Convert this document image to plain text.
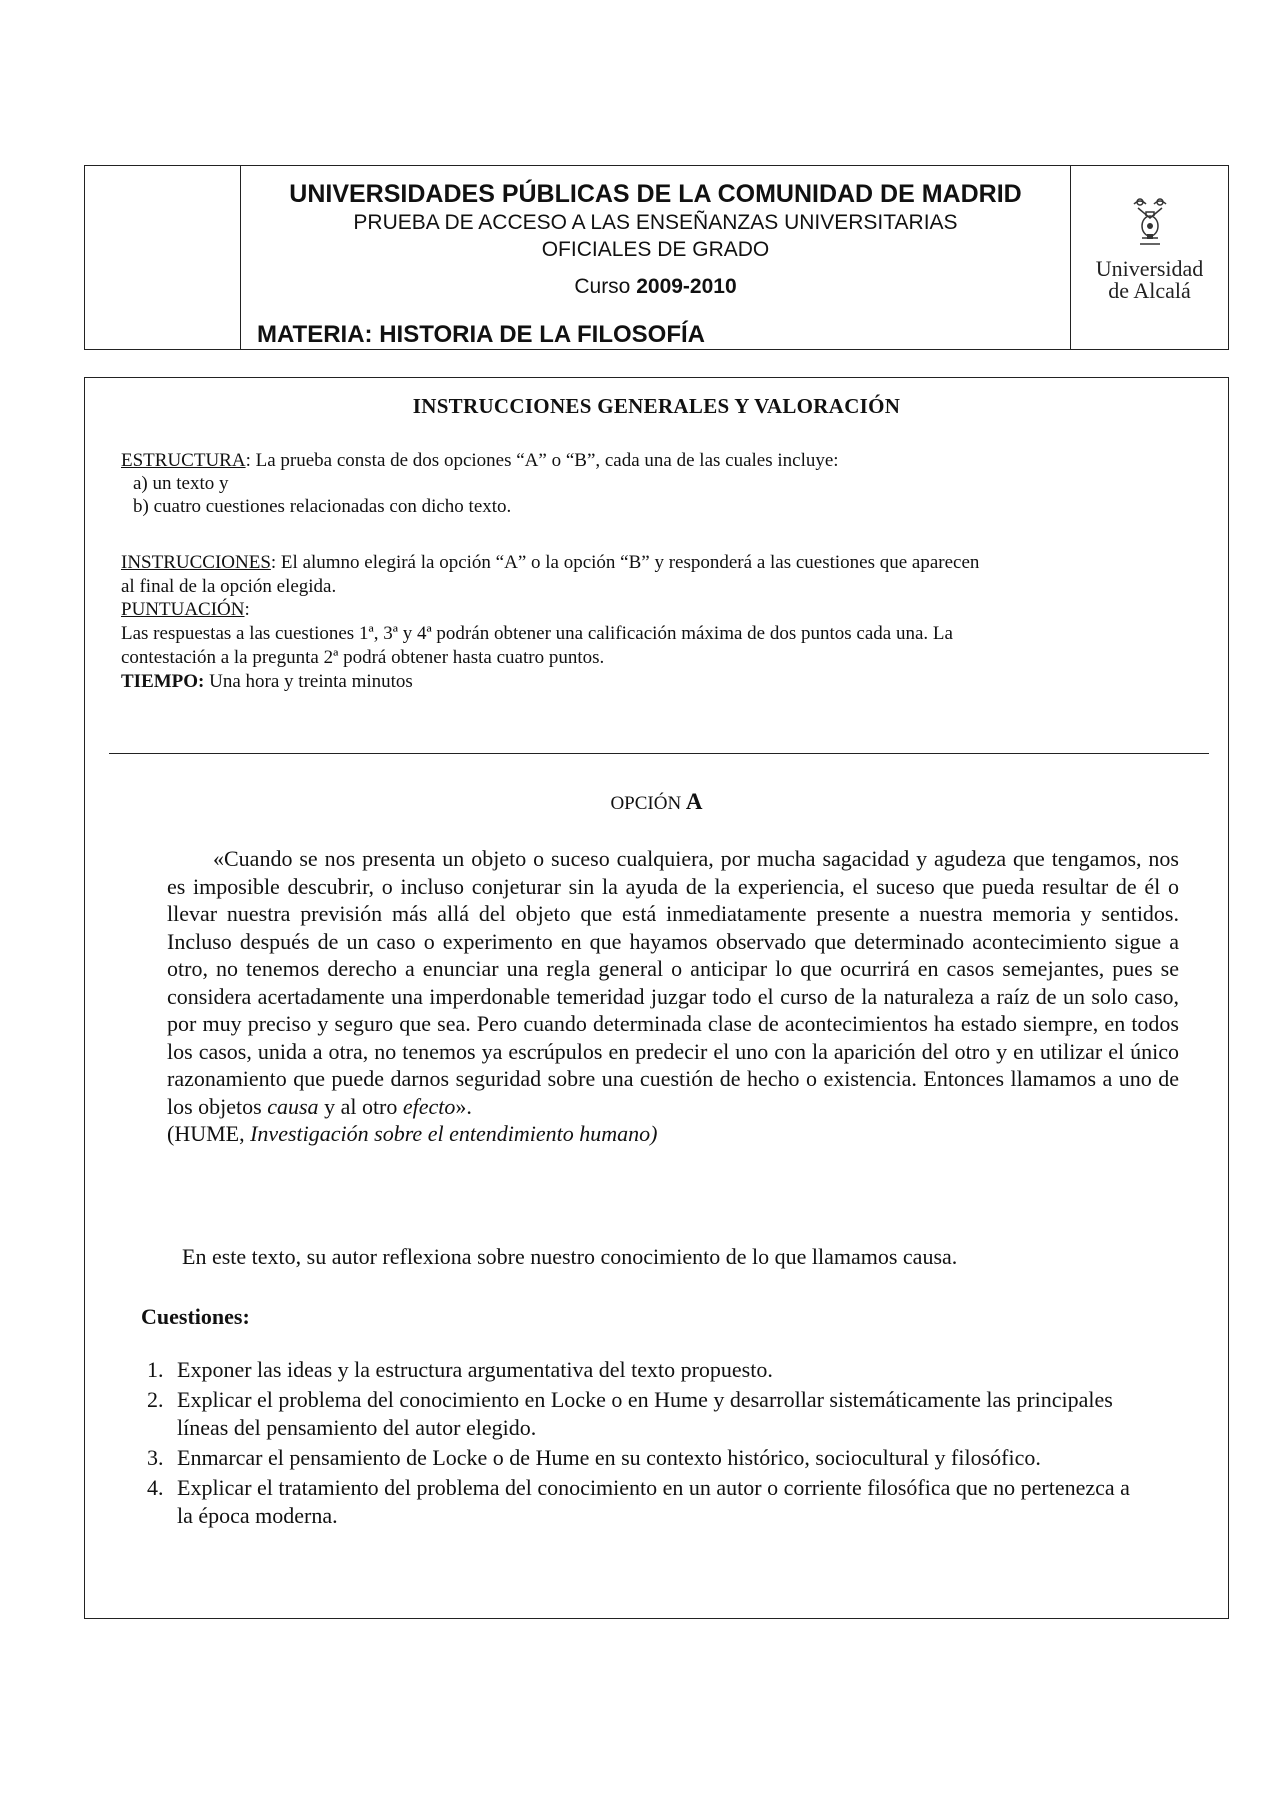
UNIVERSIDADES PÚBLICAS DE LA COMUNIDAD DE MADRID
PRUEBA DE ACCESO A LAS ENSEÑANZAS UNIVERSITARIAS
OFICIALES DE GRADO
Curso 2009-2010
MATERIA: HISTORIA DE LA FILOSOFÍA
Universidad
de Alcalá
INSTRUCCIONES GENERALES Y VALORACIÓN
ESTRUCTURA: La prueba consta de dos opciones “A” o “B”, cada una de las cuales incluye:
a) un texto y
b) cuatro cuestiones relacionadas con dicho texto.
INSTRUCCIONES: El alumno elegirá la opción “A” o la opción “B” y responderá a las cuestiones que aparecen
al final de la opción elegida.
PUNTUACIÓN:
Las respuestas a las cuestiones 1ª, 3ª y 4ª podrán obtener una calificación máxima de dos puntos cada una. La
contestación a la pregunta 2ª podrá obtener hasta cuatro puntos.
TIEMPO: Una hora y treinta minutos
OPCIÓN A
«Cuando se nos presenta un objeto o suceso cualquiera, por mucha sagacidad y agudeza que tengamos, nos es imposible descubrir, o incluso conjeturar sin la ayuda de la experiencia, el suceso que pueda resultar de él o llevar nuestra previsión más allá del objeto que está inmediatamente presente a nuestra memoria y sentidos. Incluso después de un caso o experimento en que hayamos observado que determinado acontecimiento sigue a otro, no tenemos derecho a enunciar una regla general o anticipar lo que ocurrirá en casos semejantes, pues se considera acertadamente una imperdonable temeridad juzgar todo el curso de la naturaleza a raíz de un solo caso, por muy preciso y seguro que sea. Pero cuando determinada clase de acontecimientos ha estado siempre, en todos los casos, unida a otra, no tenemos ya escrúpulos en predecir el uno con la aparición del otro y en utilizar el único razonamiento que puede darnos seguridad sobre una cuestión de hecho o existencia. Entonces llamamos a uno de los objetos causa y al otro efecto».
(HUME, Investigación sobre el entendimiento humano)
En este texto, su autor reflexiona sobre nuestro conocimiento de lo que llamamos causa.
Cuestiones:
1. Exponer las ideas y la estructura argumentativa del texto propuesto.
2. Explicar el problema del conocimiento en Locke o en Hume y desarrollar sistemáticamente las principales líneas del pensamiento del autor elegido.
3. Enmarcar el pensamiento de Locke o de Hume en su contexto histórico, sociocultural y filosófico.
4. Explicar el tratamiento del problema del conocimiento en un autor o corriente filosófica que no pertenezca a la época moderna.
